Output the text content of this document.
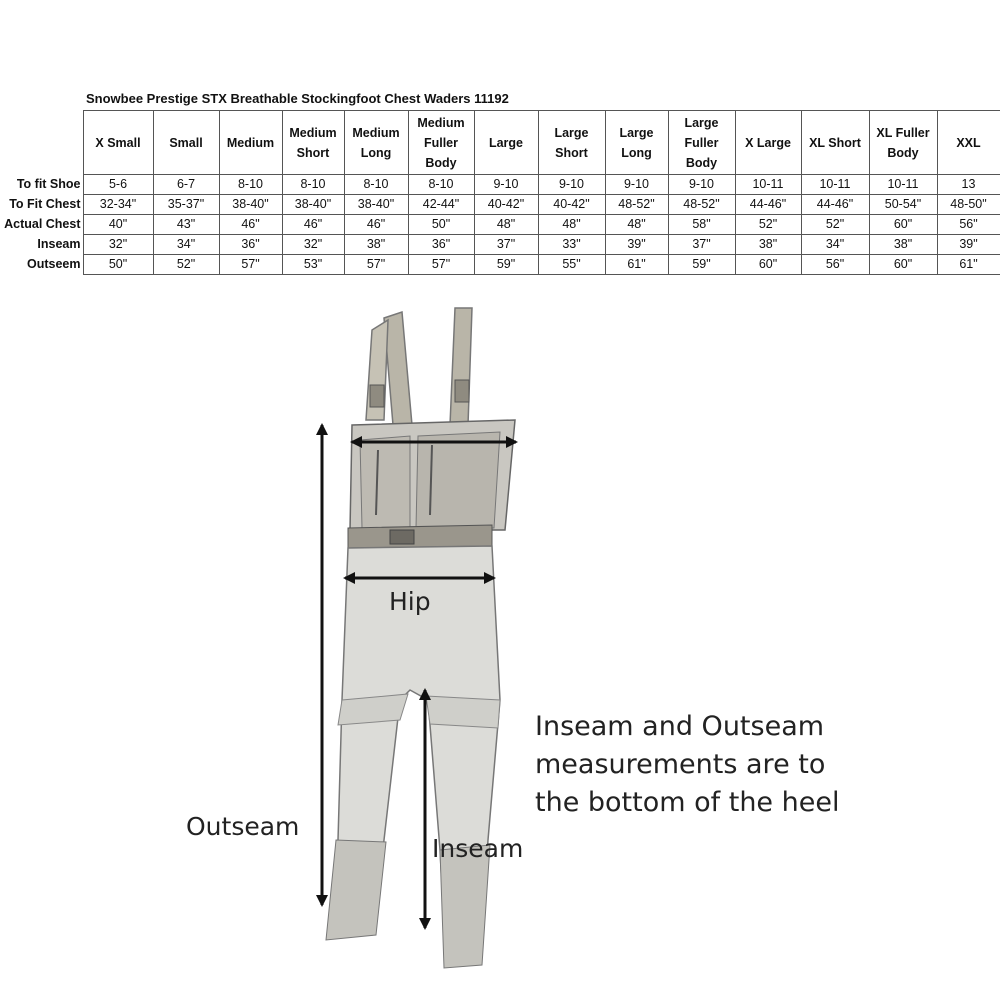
Snowbee Prestige STX Breathable Stockingfoot Chest Waders 11192
	X Small	Small	Medium	Medium Short	Medium Long	Medium Fuller Body	Large	Large Short	Large Long	Large Fuller Body	X Large	XL Short	XL Fuller Body	XXL
To fit Shoe	5-6	6-7	8-10	8-10	8-10	8-10	9-10	9-10	9-10	9-10	10-11	10-11	10-11	13
To Fit Chest	32-34"	35-37"	38-40"	38-40"	38-40"	42-44"	40-42"	40-42"	48-52"	48-52"	44-46"	44-46"	50-54"	48-50"
Actual Chest	40"	43"	46"	46"	46"	50"	48"	48"	48"	58"	52"	52"	60"	56"
Inseam	32"	34"	36"	32"	38"	36"	37"	33"	39"	37"	38"	34"	38"	39"
Outseem	50"	52"	57"	53"	57"	57"	59"	55"	61"	59"	60"	56"	60"	61"
Hip
Outseam
Inseam
Inseam and Outseam
measurements are to
the bottom of the heel
